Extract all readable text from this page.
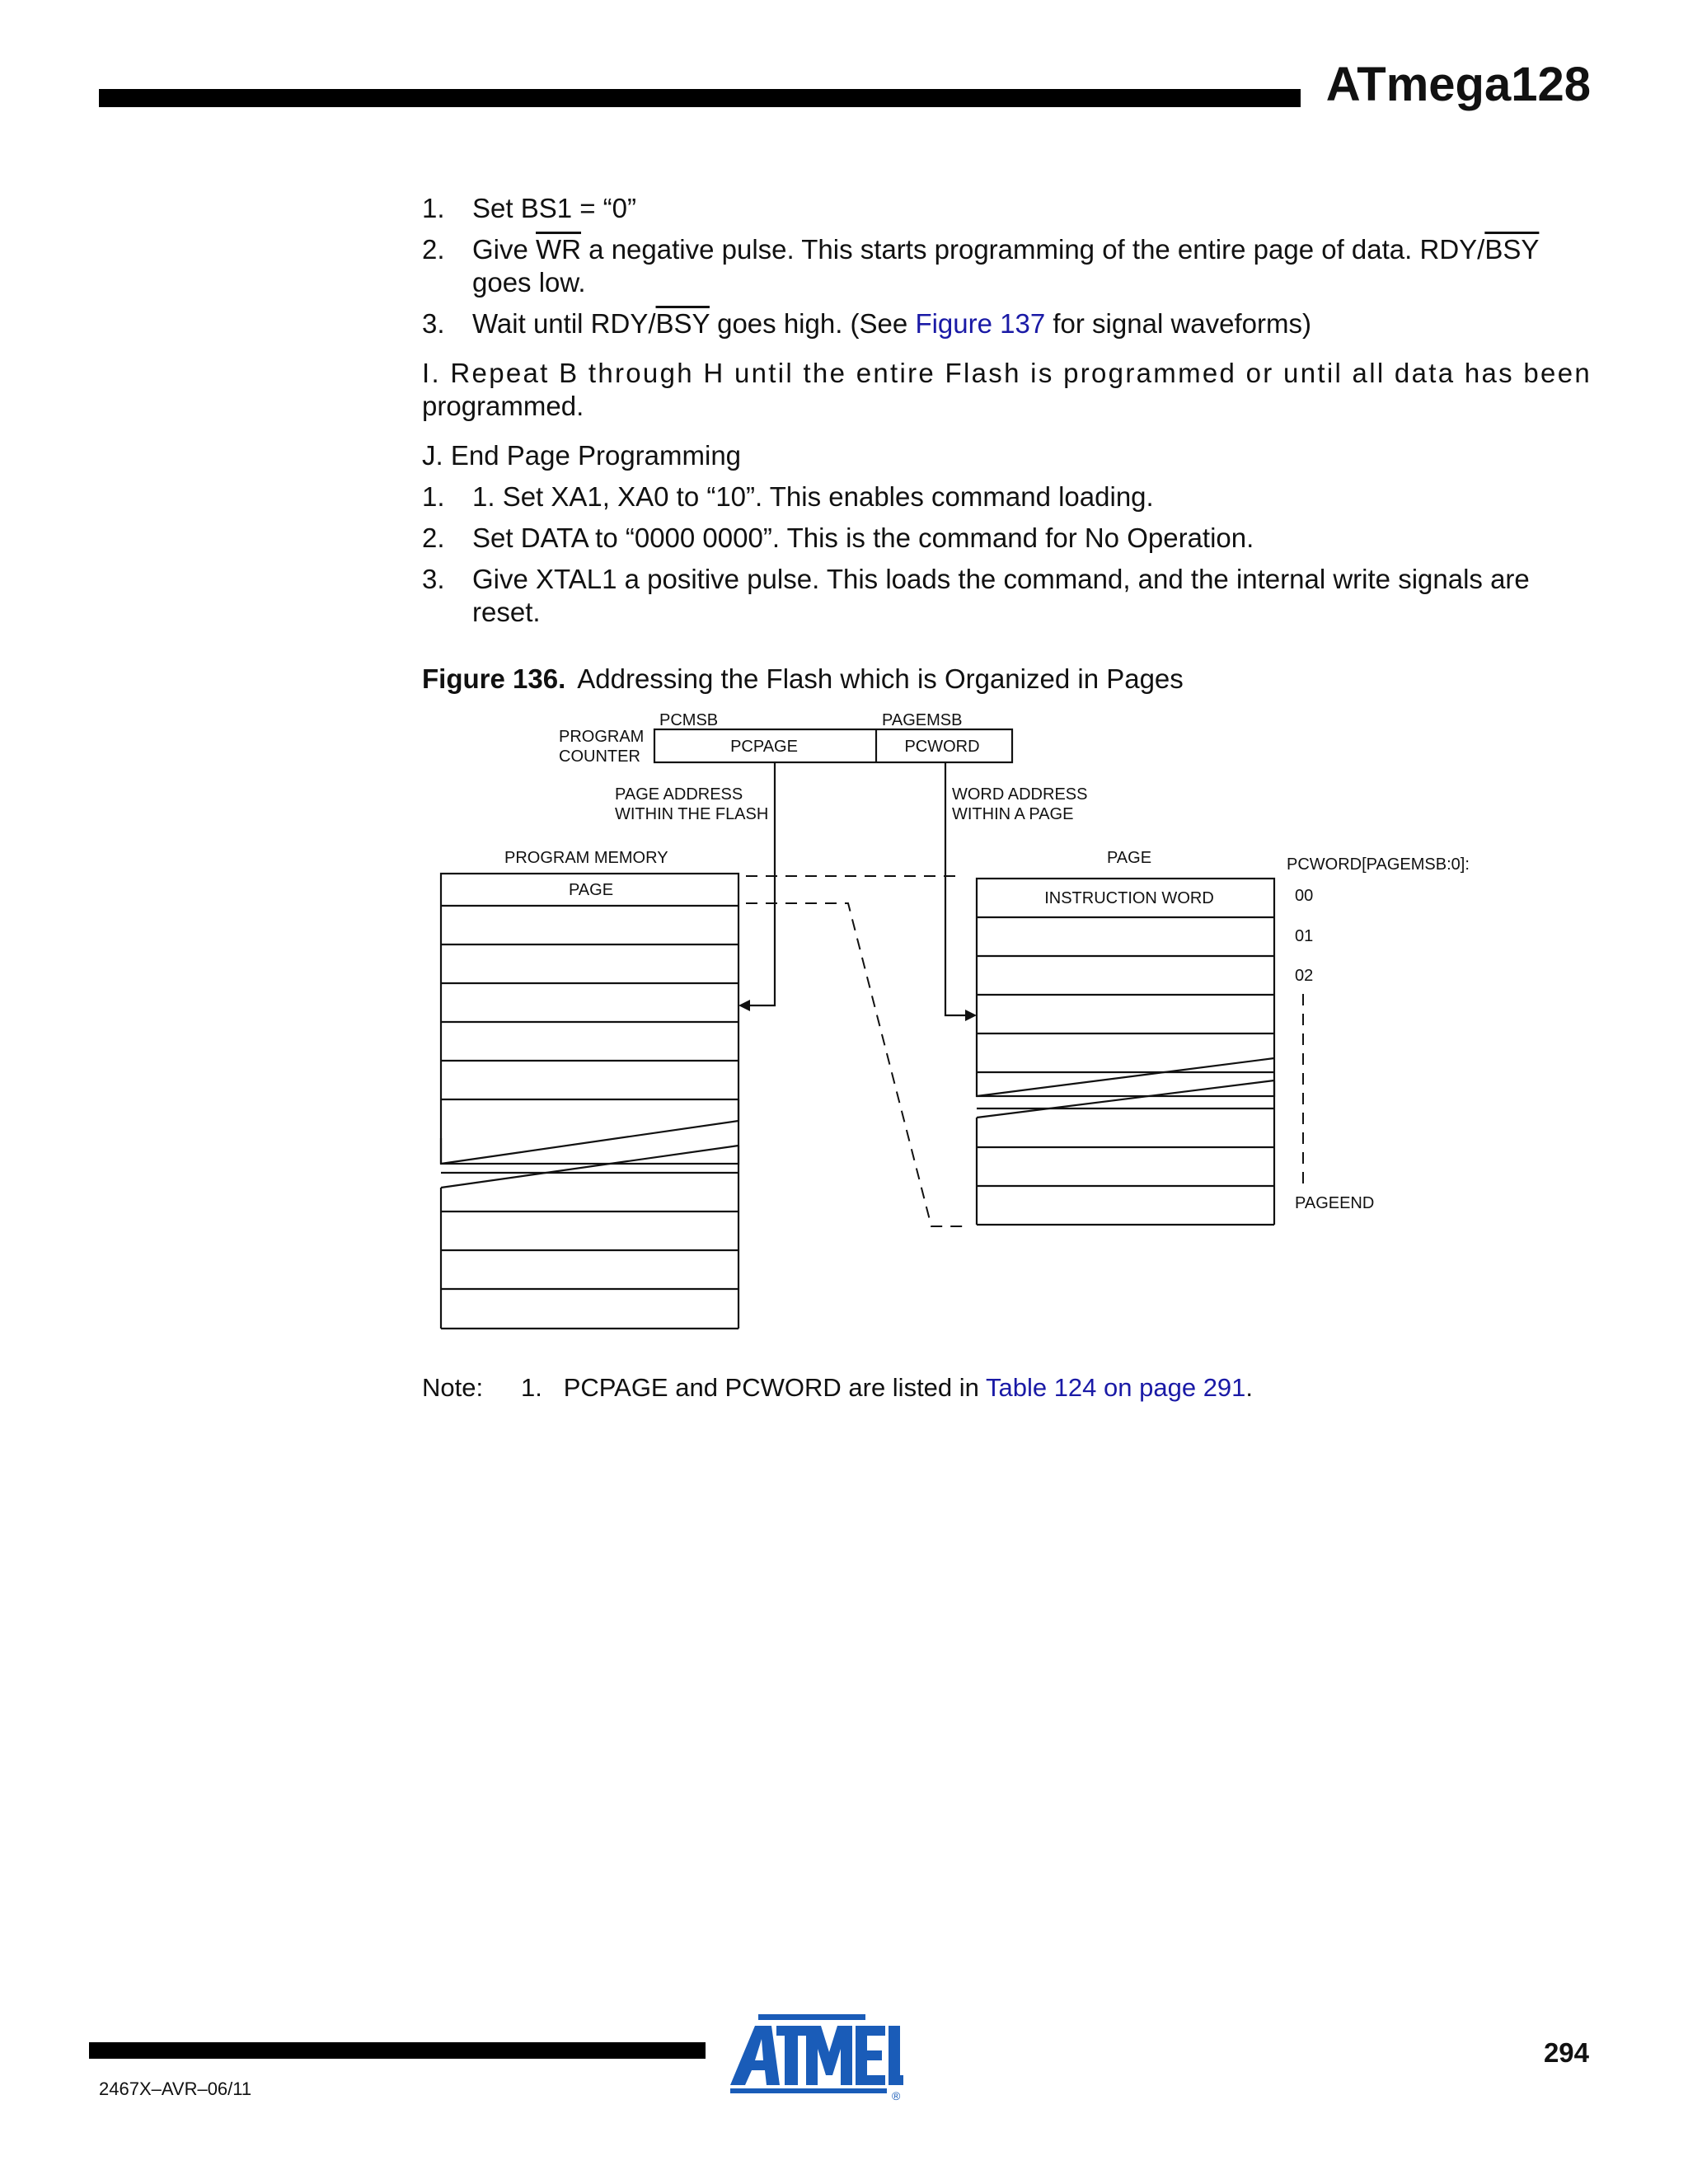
ATmega128
1. Set BS1 = “0”
2. Give $\overline{WR}$ a negative pulse. This starts programming of the entire page of data. RDY/$\overline{BSY}$
goes low.
3. Wait until RDY/$\overline{BSY}$ goes high. (See Figure 137 for signal waveforms)
I. Repeat B through H until the entire Flash is programmed or until all data has been
programmed.
J. End Page Programming
1. 1. Set XA1, XA0 to “10”. This enables command loading.
2. Set DATA to “0000 0000”. This is the command for No Operation.
3. Give XTAL1 a positive pulse. This loads the command, and the internal write signals are
reset.
Figure 136. Addressing the Flash which is Organized in Pages
PCMSB	PAGEMSB
PROGRAM
COUNTER
PCPAGE	PCWORD
PAGE ADDRESS
WITHIN THE FLASH
WORD ADDRESS
WITHIN A PAGE
PROGRAM MEMORY	PAGE	PCWORD[PAGEMSB:0]:
PAGE	INSTRUCTION WORD	00
01
02
PAGEEND
Note: 1. PCPAGE and PCWORD are listed in Table 124 on page 291.
2467X–AVR–06/11
294
®
